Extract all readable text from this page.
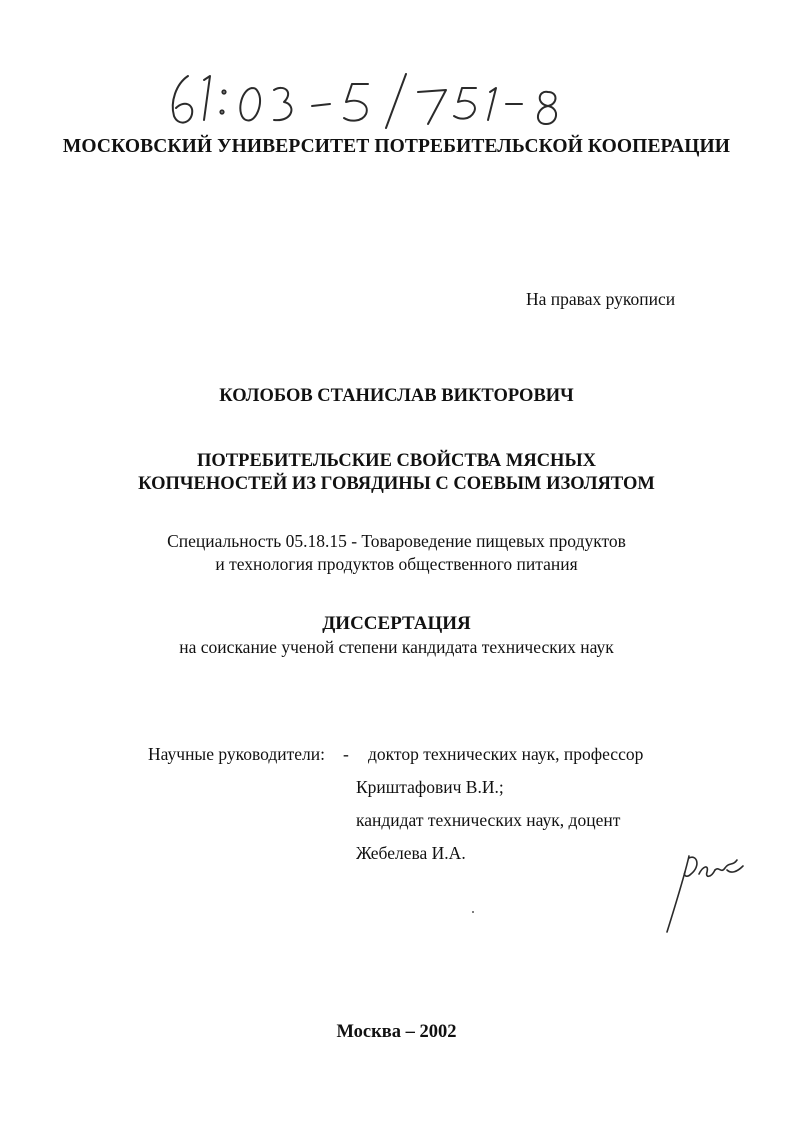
МОСКОВСКИЙ УНИВЕРСИТЕТ ПОТРЕБИТЕЛЬСКОЙ КООПЕРАЦИИ
На правах рукописи
КОЛОБОВ СТАНИСЛАВ ВИКТОРОВИЧ
ПОТРЕБИТЕЛЬСКИЕ СВОЙСТВА МЯСНЫХ
КОПЧЕНОСТЕЙ ИЗ ГОВЯДИНЫ С СОЕВЫМ ИЗОЛЯТОМ
Специальность 05.18.15 - Товароведение пищевых продуктов
и технология продуктов общественного питания
ДИССЕРТАЦИЯ
на соискание ученой степени кандидата технических наук
Научные руководители: - доктор технических наук, профессор
Криштафович В.И.;
кандидат технических наук, доцент
Жебелева И.А.
Москва – 2002
